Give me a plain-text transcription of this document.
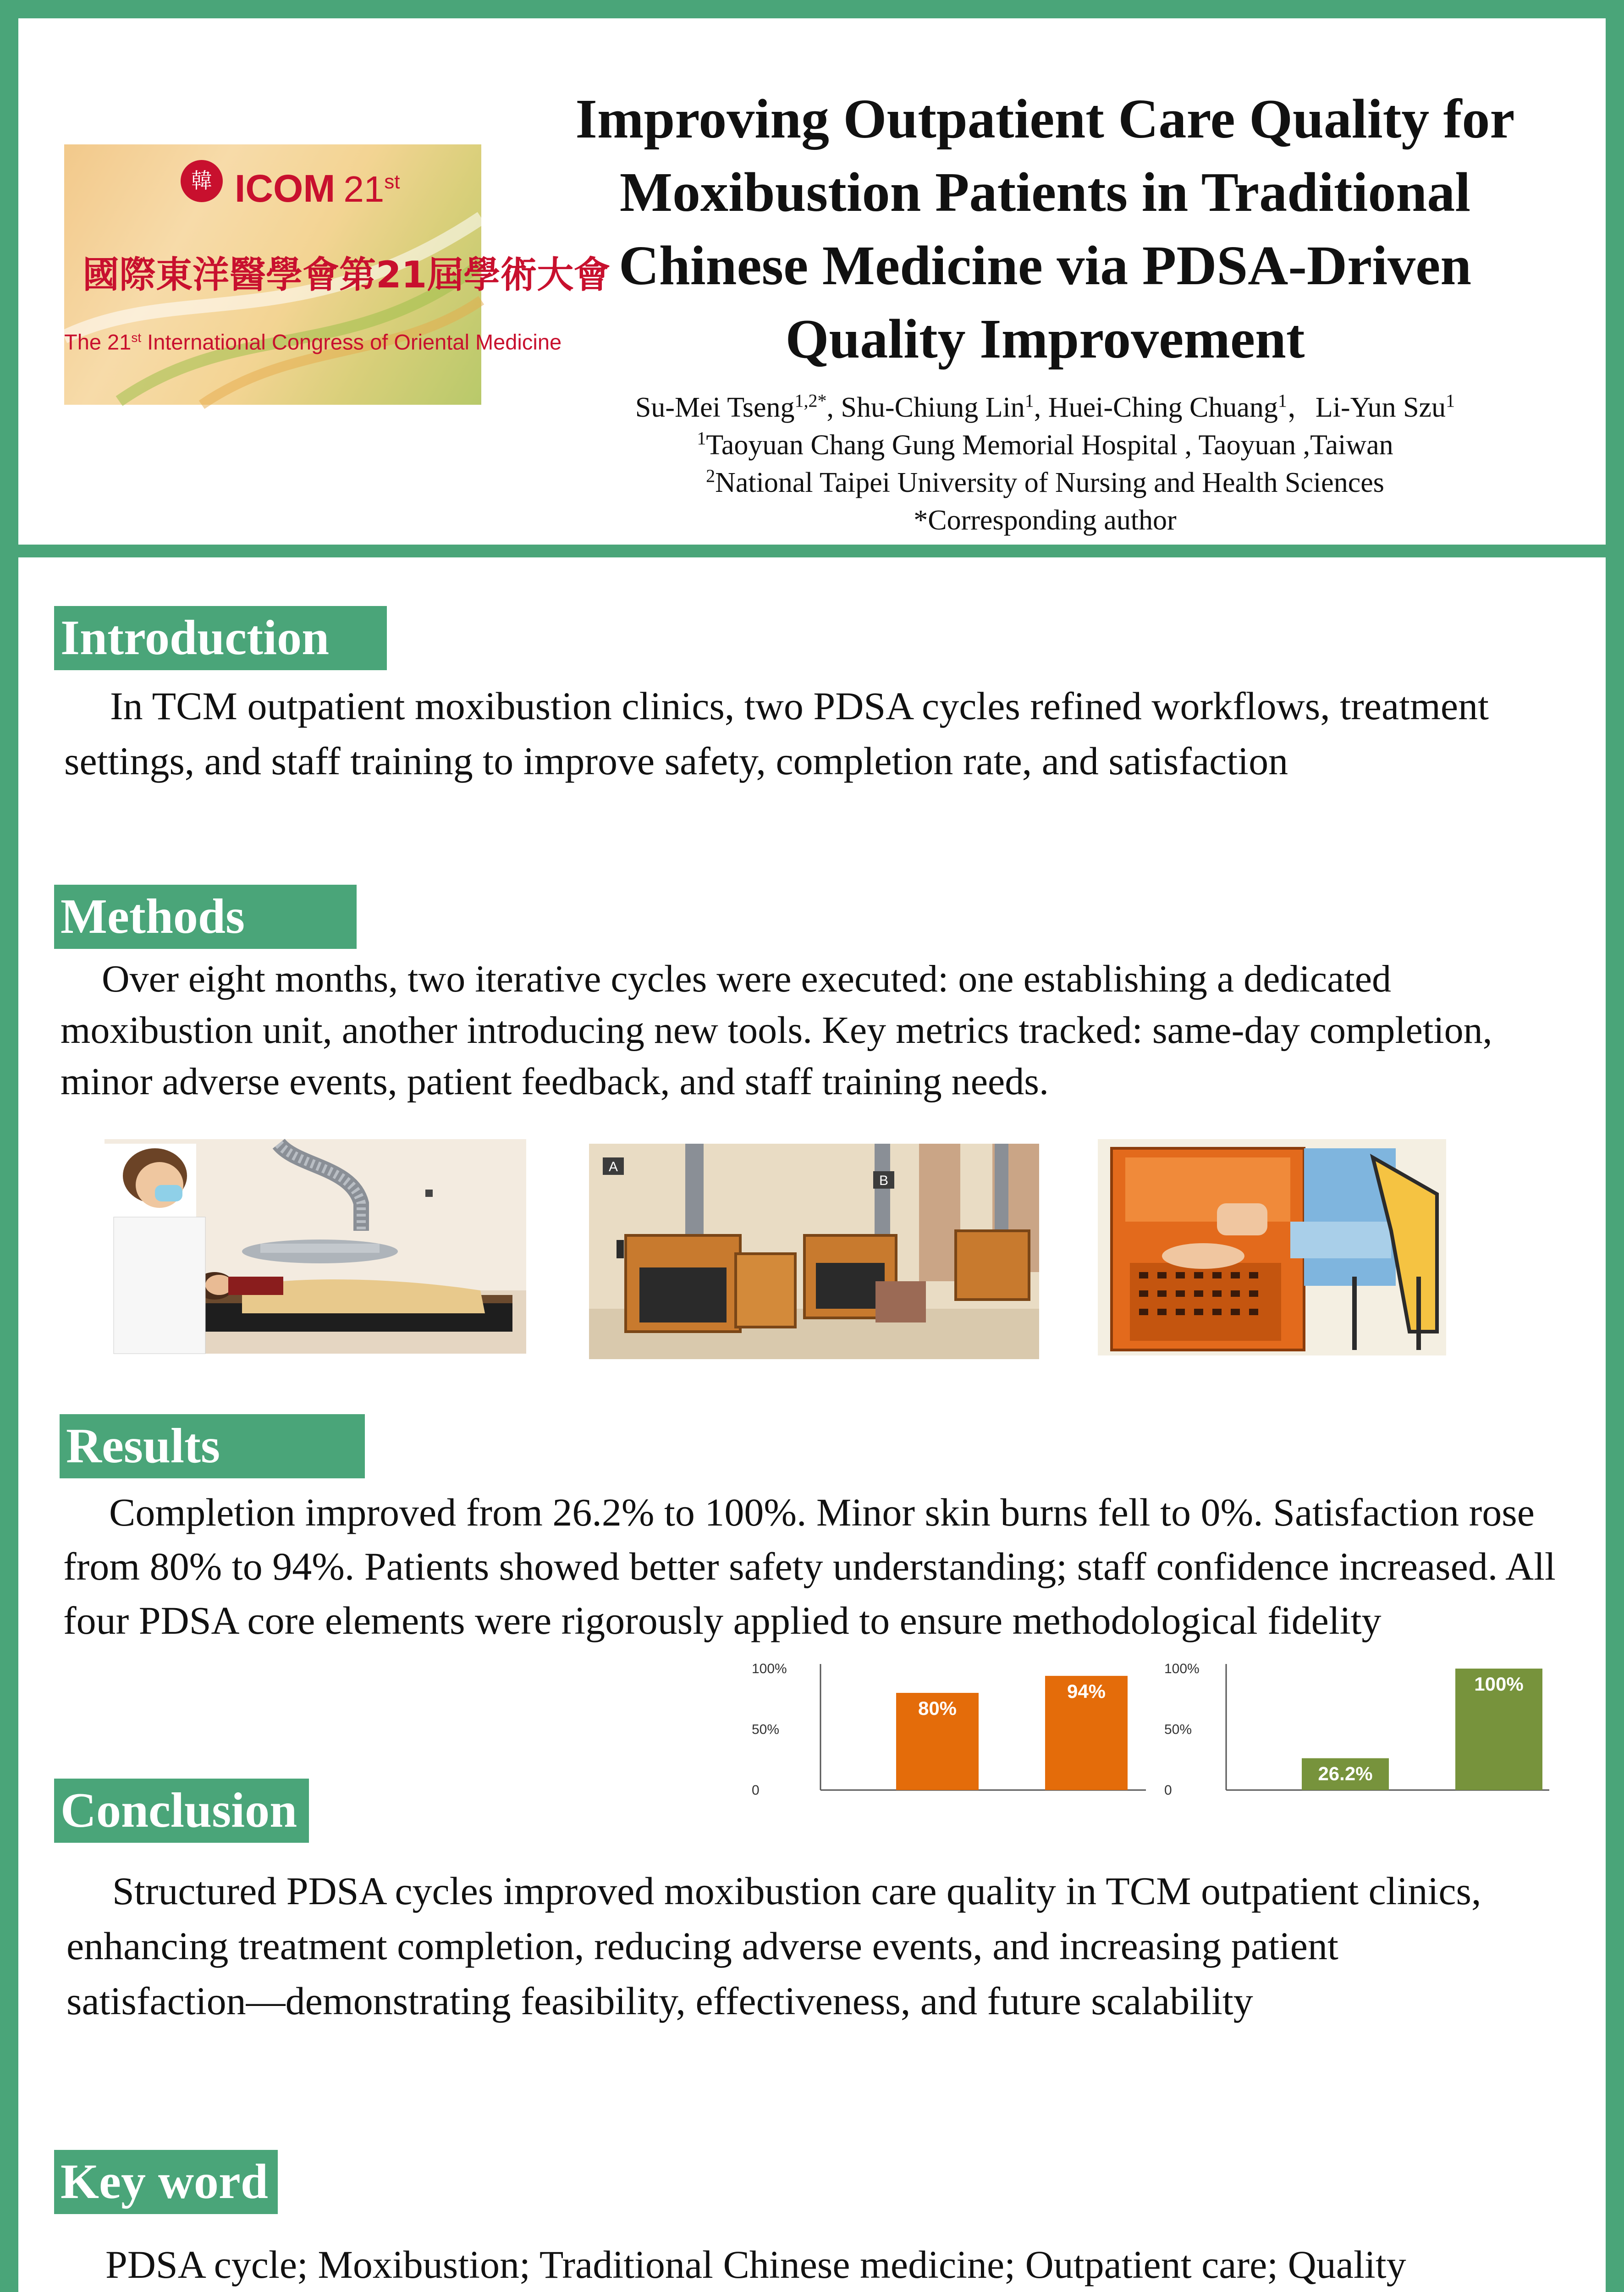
韓 ICOM 21st
國際東洋醫學會第21屆學術大會
The 21st International Congress of Oriental Medicine
Improving Outpatient Care Quality for
Moxibustion Patients in Traditional
Chinese Medicine via PDSA-Driven
Quality Improvement
Su-Mei Tseng$^{1,2*}$, Shu-Chiung Lin$^1$, Huei-Ching Chuang$^1$，Li-Yun Szu$^1$
$^1$Taoyuan Chang Gung Memorial Hospital , Taoyuan ,Taiwan
$^2$National Taipei University of Nursing and Health Sciences
*Corresponding author
Introduction
In TCM outpatient moxibustion clinics, two PDSA cycles refined workflows, treatment settings, and staff training to improve safety, completion rate, and satisfaction
Methods
Over eight months, two iterative cycles were executed: one establishing a dedicated moxibustion unit, another introducing new tools. Key metrics tracked: same-day completion, minor adverse events, patient feedback, and staff training needs.
A
B
Results
Completion improved from 26.2% to 100%. Minor skin burns fell to 0%. Satisfaction rose from 80% to 94%. Patients showed better safety understanding; staff confidence increased. All four PDSA core elements were rigorously applied to ensure methodological fidelity
100%
50%
0
80%
94%
100%
50%
0
26.2%
100%
Conclusion
Structured PDSA cycles improved moxibustion care quality in TCM outpatient clinics, enhancing treatment completion, reducing adverse events, and increasing patient satisfaction—demonstrating feasibility, effectiveness, and future scalability
Key word
PDSA cycle; Moxibustion; Traditional Chinese medicine; Outpatient care; Quality
